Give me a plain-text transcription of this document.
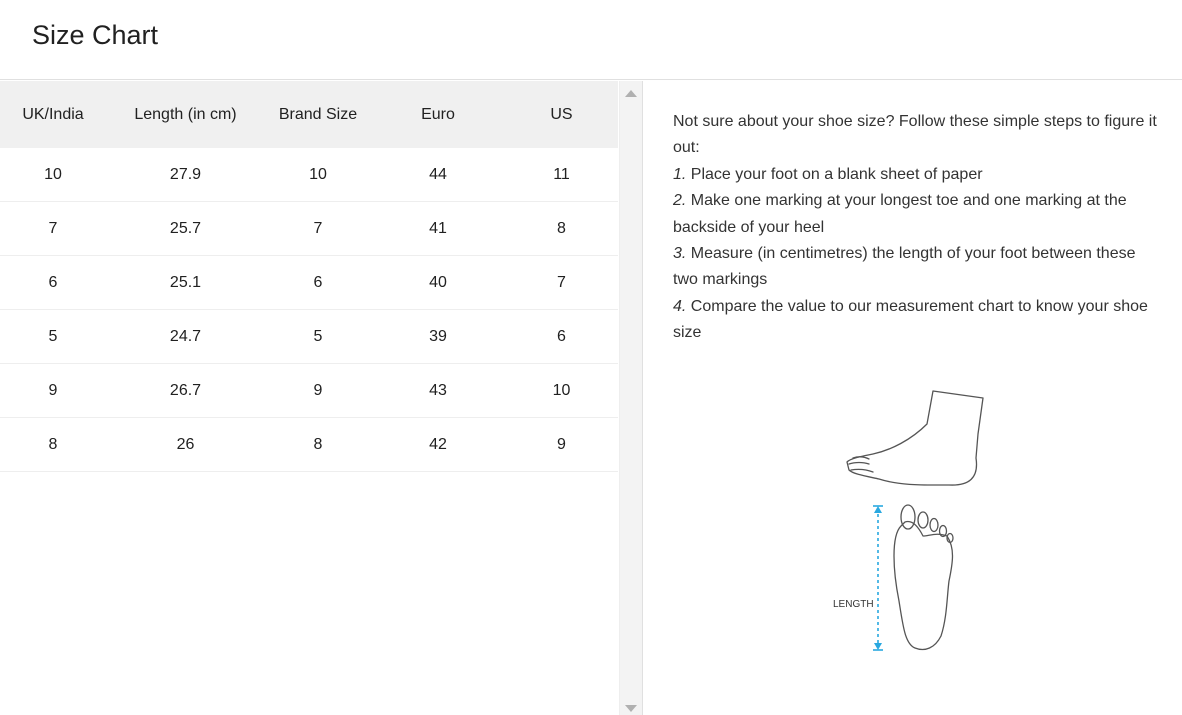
Size Chart
UK/India	Length (in cm)	Brand Size	Euro	US
10	27.9	10	44	11
7	25.7	7	41	8
6	25.1	6	40	7
5	24.7	5	39	6
9	26.7	9	43	10
8	26	8	42	9

Not sure about your shoe size? Follow these simple steps to figure it out:

1. Place your foot on a blank sheet of paper

2. Make one marking at your longest toe and one marking at the backside of your heel

3. Measure (in centimetres) the length of your foot between these two markings

4. Compare the value to our measurement chart to know your shoe size

LENGTH
